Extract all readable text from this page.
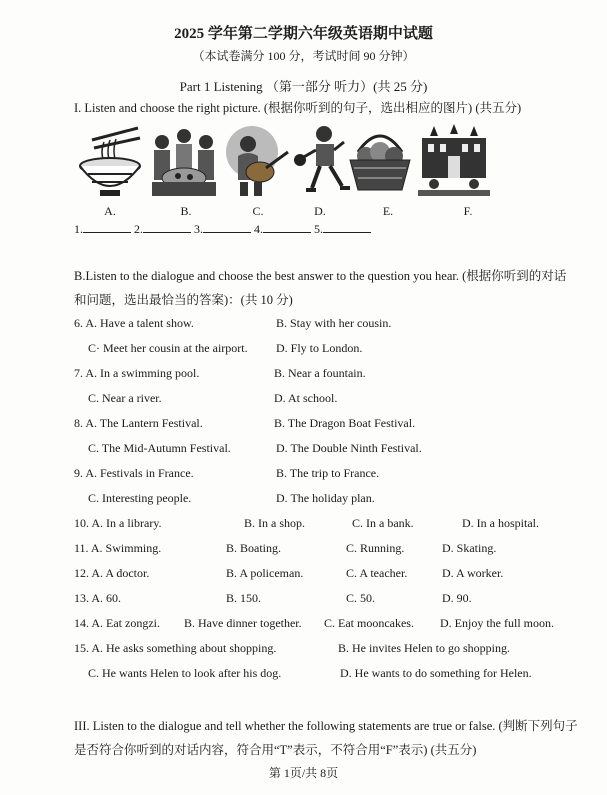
2025 学年第二学期六年级英语期中试题
（本试卷满分 100 分，考试时间 90 分钟）
Part 1 Listening （第一部分 听力）(共 25 分)
I. Listen and choose the right picture. (根据你听到的句子，选出相应的图片) (共五分)
A.	B.	C.	D.	E.	F.
1.	2.	3.	4.	5.
B.Listen to the dialogue and choose the best answer to the question you hear. (根据你听到的对话
和问题，选出最恰当的答案)：(共 10 分)
6. A. Have a talent show.	B. Stay with her cousin.
C· Meet her cousin at the airport. D. Fly to London.
7. A. In a swimming pool.	B. Near a fountain.
C. Near a river.	D. At school.
8. A. The Lantern Festival.	B. The Dragon Boat Festival.
C. The Mid-Autumn Festival.	D. The Double Ninth Festival.
9. A. Festivals in France.	B. The trip to France.
C. Interesting people.	D. The holiday plan.
10. A. In a library.	B. In a shop.	C. In a bank.	D. In a hospital.
11. A. Swimming.	B. Boating.	C. Running.	D. Skating.
12. A. A doctor.	B. A policeman.	C. A teacher.	D. A worker.
13. A. 60.	B. 150.	C. 50.	D. 90.
14. A. Eat zongzi. B. Have dinner together. C. Eat mooncakes. D. Enjoy the full moon.
15. A. He asks something about shopping.	B. He invites Helen to go shopping.
C. He wants Helen to look after his dog.	D. He wants to do something for Helen.
III. Listen to the dialogue and tell whether the following statements are true or false. (判断下列句子
是否符合你听到的对话内容，符合用“T”表示，不符合用“F”表示) (共五分)
第 1页/共 8页
